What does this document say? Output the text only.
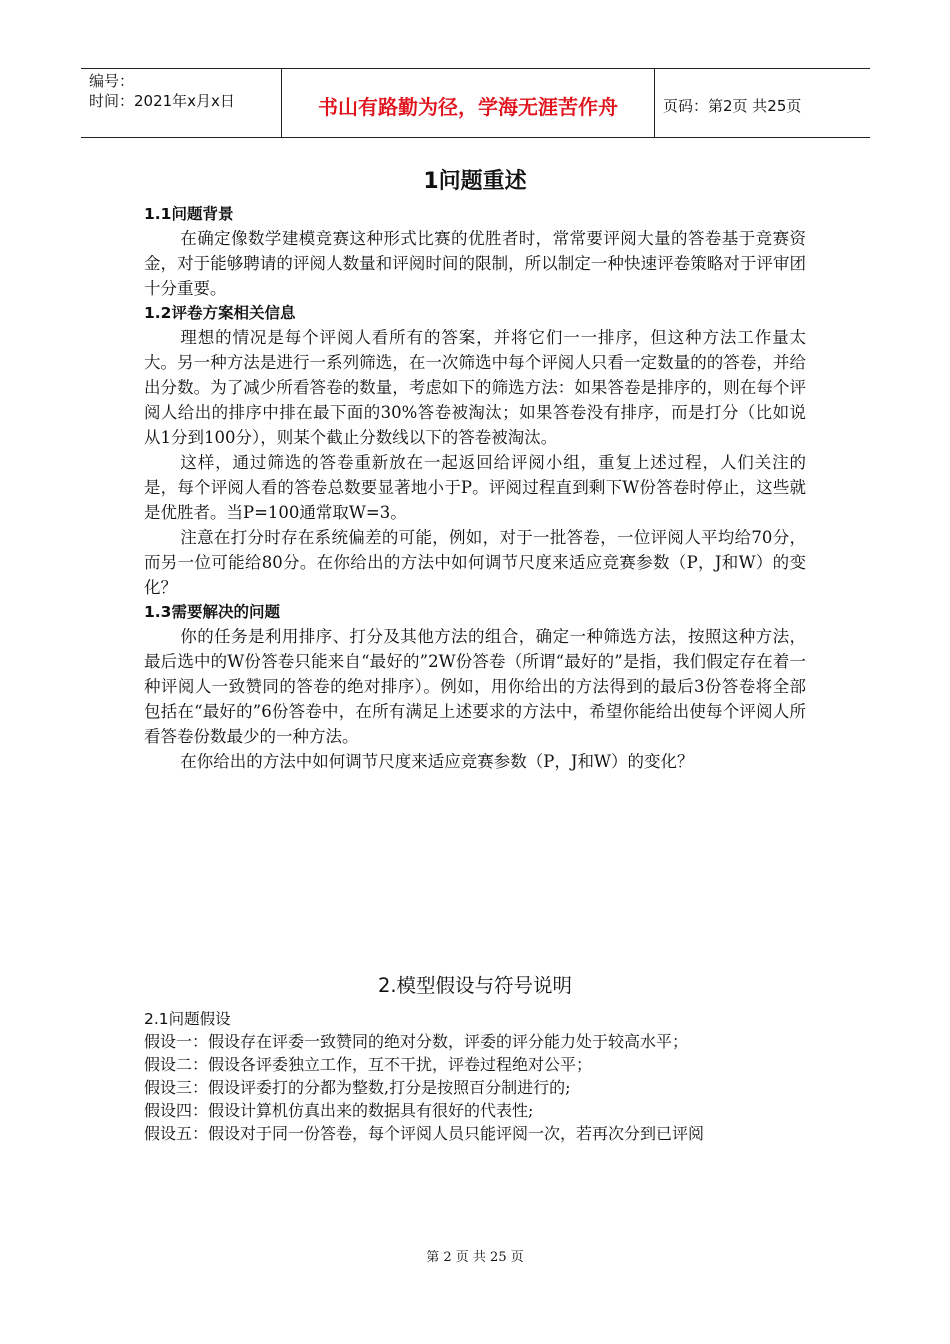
编号：
时间：2021年x月x日	书山有路勤为径，学海无涯苦作舟	页码：第2页 共25页
1问题重述
1.1问题背景

在确定像数学建模竞赛这种形式比赛的优胜者时，常常要评阅大量的答卷基于竞赛资金，对于能够聘请的评阅人数量和评阅时间的限制，所以制定一种快速评卷策略对于评审团十分重要。

1.2评卷方案相关信息

理想的情况是每个评阅人看所有的答案，并将它们一一排序，但这种方法工作量太大。另一种方法是进行一系列筛选，在一次筛选中每个评阅人只看一定数量的的答卷，并给出分数。为了减少所看答卷的数量，考虑如下的筛选方法：如果答卷是排序的，则在每个评阅人给出的排序中排在最下面的30%答卷被淘汰；如果答卷没有排序，而是打分（比如说从1分到100分），则某个截止分数线以下的答卷被淘汰。

这样，通过筛选的答卷重新放在一起返回给评阅小组，重复上述过程，人们关注的是，每个评阅人看的答卷总数要显著地小于P。评阅过程直到剩下W份答卷时停止，这些就是优胜者。当P=100通常取W=3。

注意在打分时存在系统偏差的可能，例如，对于一批答卷，一位评阅人平均给70分，而另一位可能给80分。在你给出的方法中如何调节尺度来适应竞赛参数（P，J和W）的变化？

1.3需要解决的问题

你的任务是利用排序、打分及其他方法的组合，确定一种筛选方法，按照这种方法，最后选中的W份答卷只能来自“最好的”2W份答卷（所谓“最好的”是指，我们假定存在着一种评阅人一致赞同的答卷的绝对排序）。例如，用你给出的方法得到的最后3份答卷将全部包括在“最好的”6份答卷中，在所有满足上述要求的方法中，希望你能给出使每个评阅人所看答卷份数最少的一种方法。

在你给出的方法中如何调节尺度来适应竞赛参数（P，J和W）的变化？

2.模型假设与符号说明
2.1问题假设

假设一：假设存在评委一致赞同的绝对分数，评委的评分能力处于较高水平；

假设二：假设各评委独立工作，互不干扰，评卷过程绝对公平；

假设三：假设评委打的分都为整数,打分是按照百分制进行的;

假设四：假设计算机仿真出来的数据具有很好的代表性;

假设五：假设对于同一份答卷，每个评阅人员只能评阅一次，若再次分到已评阅

第 2 页 共 25 页
